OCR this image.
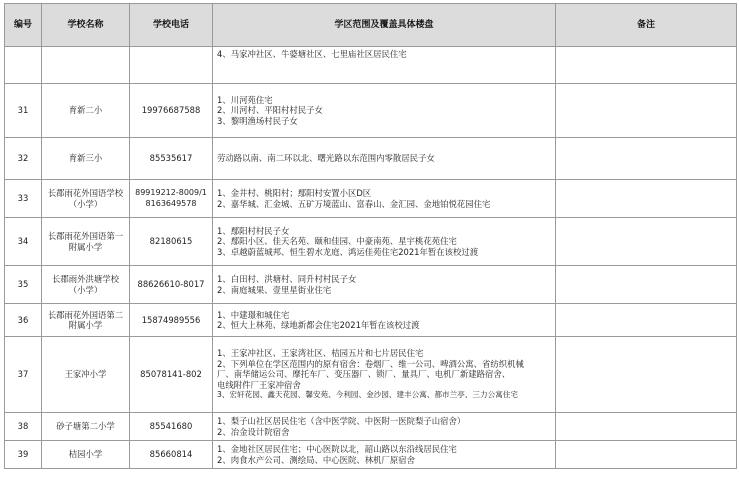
编号	学校名称	学校电话	学区范围及覆盖具体楼盘	备注

			4、马家冲社区、牛婆塘社区、七里庙社区居民住宅	

31	育新二小	19976687588	1、川河苑住宅
2、川河村、平阳村村民子女
3、黎明渔场村民子女	

32	育新三小	85535617	劳动路以南、南二环以北、曙光路以东范围内零散居民子女	

33	长郡雨花外国语学校（小学）	89919212-8009/18163649578	1、金井村、桃阳村；鄢阳村安置小区D区
2、嘉华城、汇金城、五矿万境蓝山、富春山、金汇园、金地铂悦花园住宅	

34	长郡雨花外国语第一附属小学	82180615	1、鄢阳村村民子女
2、鄢阳小区、佳天名苑、颐和佳园、中豪南苑、星宇桃花苑住宅
3、卓越蔚蓝城邦、恒生碧水龙庭、鸿运佳苑住宅2021年暂在该校过渡	

35	长郡雨外洪塘学校（小学）	88626610-8017	1、白田村、洪塘村、同升村村民子女
2、南庭城果、壹里星街业住宅	

36	长郡雨花外国语第二附属小学	15874989556	1、中建璟和城住宅
2、恒大上林苑、绿地新都会住宅2021年暂在该校过渡	

37	王家冲小学	85078141-802	1、王家冲社区、王家湾社区、桔园五片和七片居民住宅
2、下列单位在学区范围内的原有宿舍：卷烟厂、维一公司、啤酒公寓、省纺织机械
厂、南华储运公司、摩托车厂、变压器厂、锁厂、量具厂、电机厂新建路宿舍、
电线附件厂王家冲宿舍
3、宏轩花园、鑫天花园、馨安苑、今利园、金沙园、建丰公寓、都市兰亭、三力公寓住宅	

38	砂子塘第二小学	85541680	1、梨子山社区居民住宅（含中医学院、中医附一医院梨子山宿舍）
2、冶金设计院宿舍	

39	桔园小学	85660814	1、金地社区居民住宅；中心医院以北，韶山路以东沿线居民住宅
2、肉食水产公司、测绘局、中心医院、林机厂原宿舍	
